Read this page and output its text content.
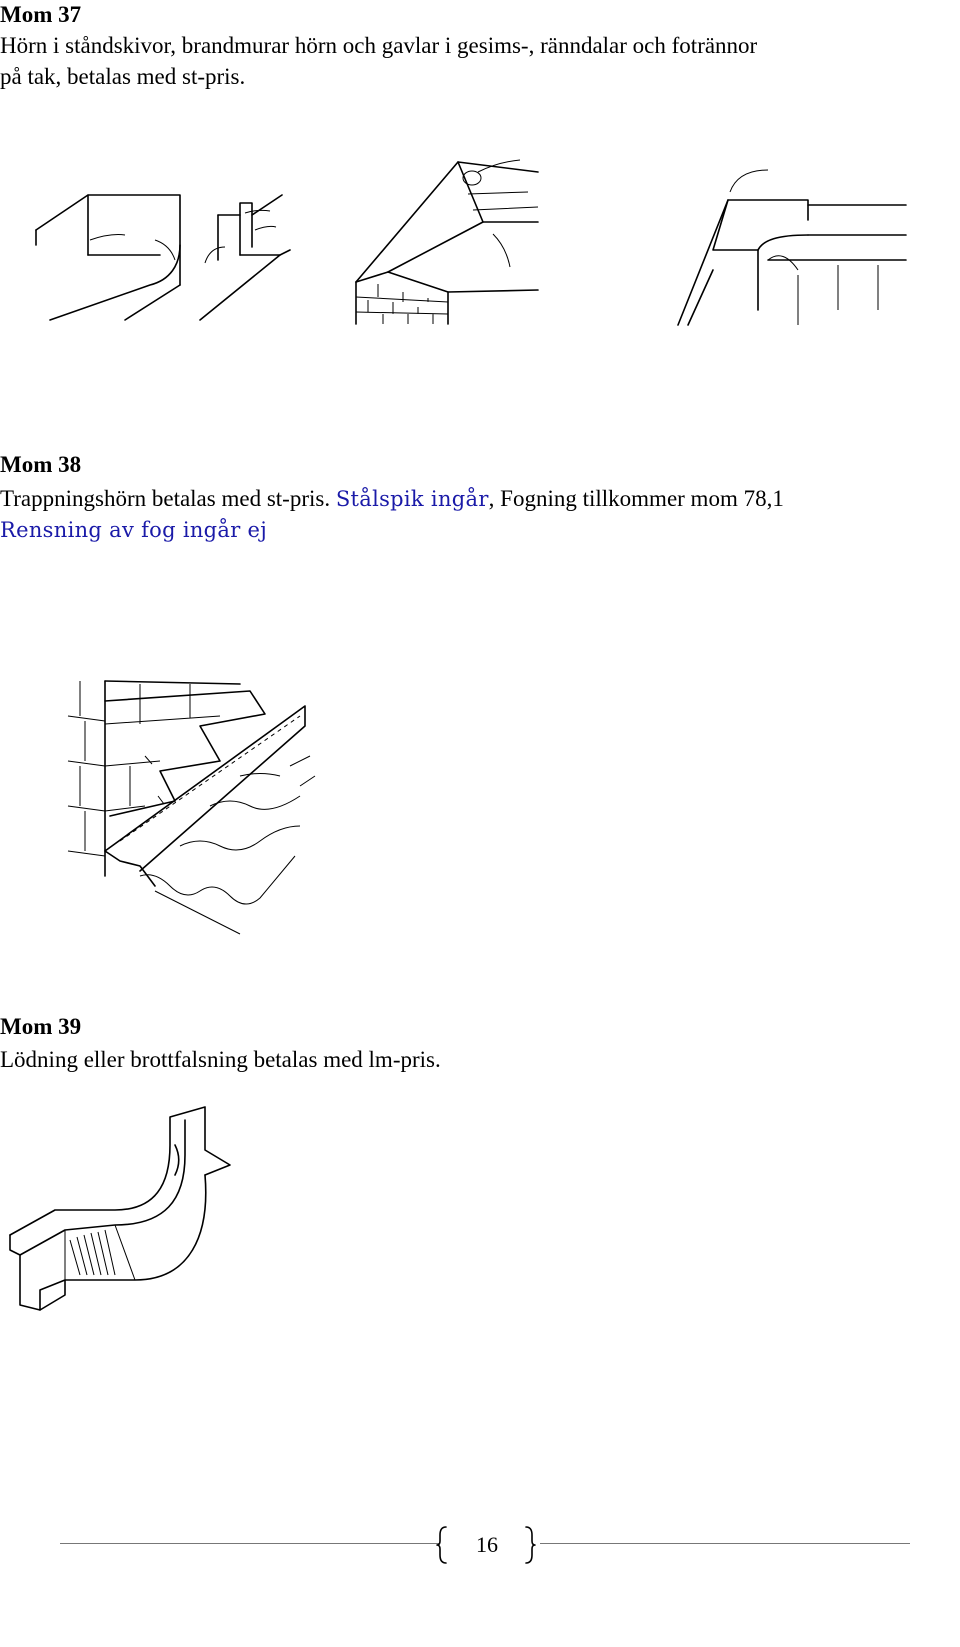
Mom 37
Hörn i ståndskivor, brandmurar hörn och gavlar i gesims-, ränndalar och fotrännor
på tak, betalas med st-pris.
Mom 38
Trappningshörn betalas med st-pris. Stålspik ingår, Fogning tillkommer mom 78,1
Rensning av fog ingår ej
Mom 39
Lödning eller brottfalsning betalas med lm-pris.
16
